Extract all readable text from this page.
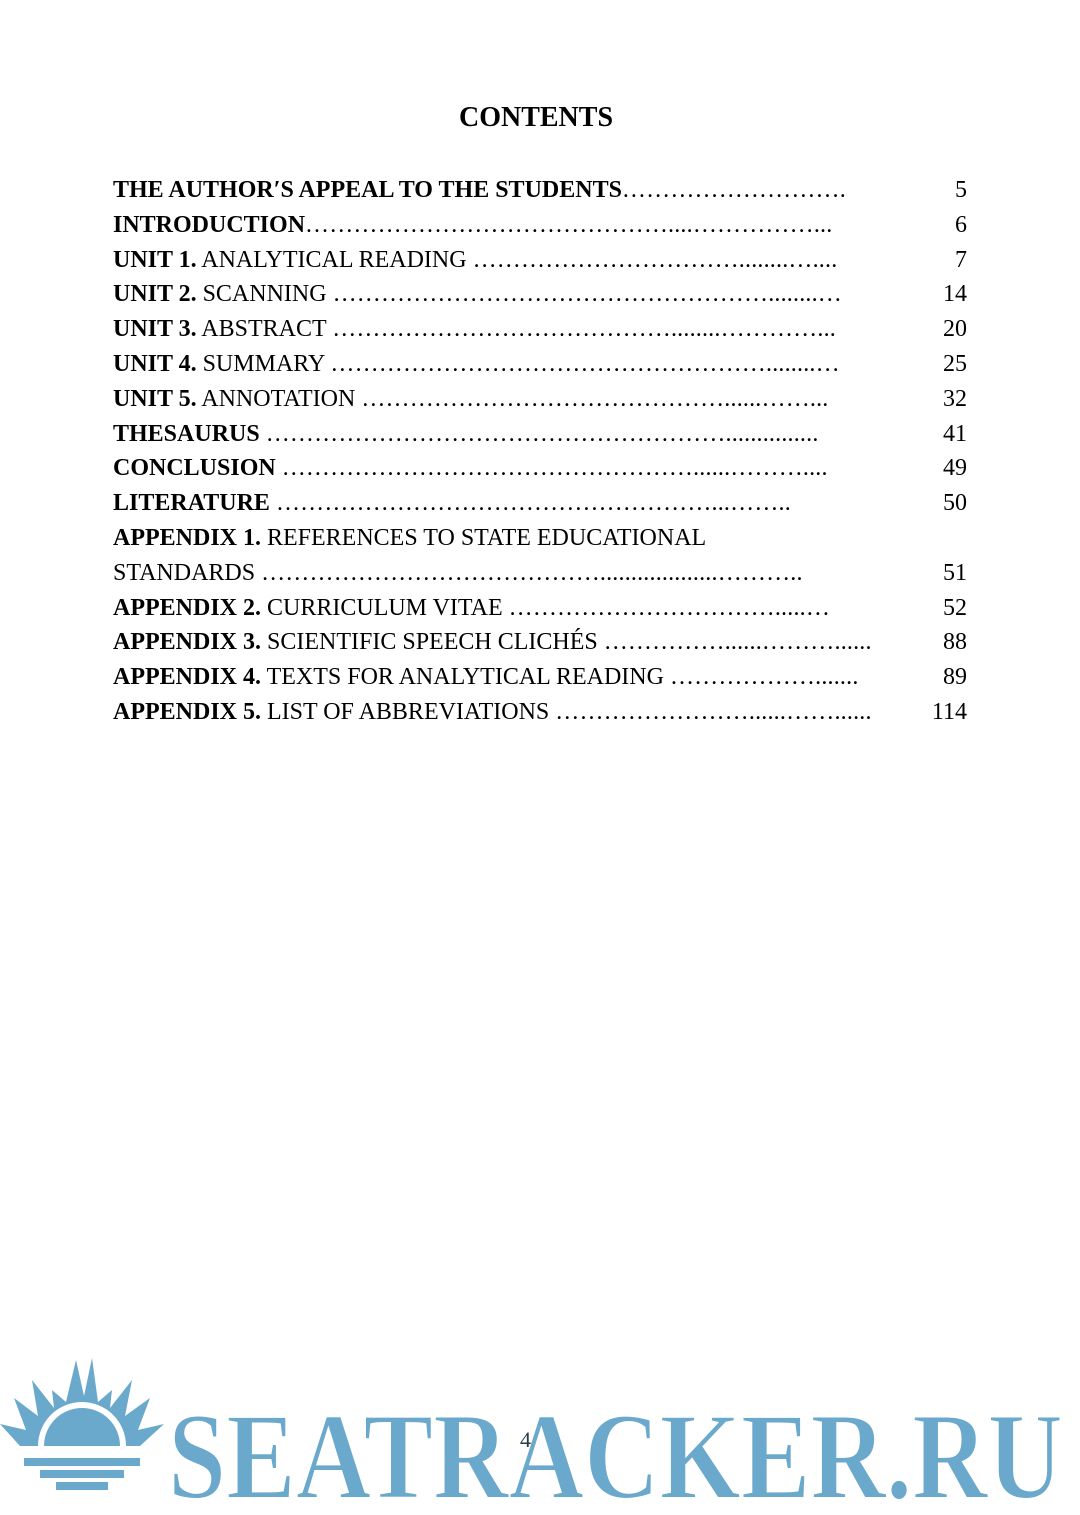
CONTENTS
THE AUTHOR′S APPEAL TO THE STUDENTS……………………….	5
INTRODUCTION………………………………………....……………...	6
UNIT 1. ANALYTICAL READING ……………………………........…....	7
UNIT 2. SCANNING ………………………………………………........…	14
UNIT 3. ABSTRACT ……………………………………........…………...	20
UNIT 4. SUMMARY ………………………………………………........…	25
UNIT 5. ANNOTATION ………………………………………......……...	32
THESAURUS …………………………………………………...............	41
CONCLUSION ……………………………………………......………....	49
LITERATURE ………………………………………………...……..	50
APPENDIX 1. REFERENCES TO STATE EDUCATIONAL
STANDARDS ……………………………………...................………..	51
APPENDIX 2. CURRICULUM VITAE …………………………….....…	52
APPENDIX 3. SCIENTIFIC SPEECH CLICHÉS ……………......………......	88
APPENDIX 4. TEXTS FOR ANALYTICAL READING ……………….......	89
APPENDIX 5. LIST OF ABBREVIATIONS ……………………......……......	114
SEATRACKER.RU
4
